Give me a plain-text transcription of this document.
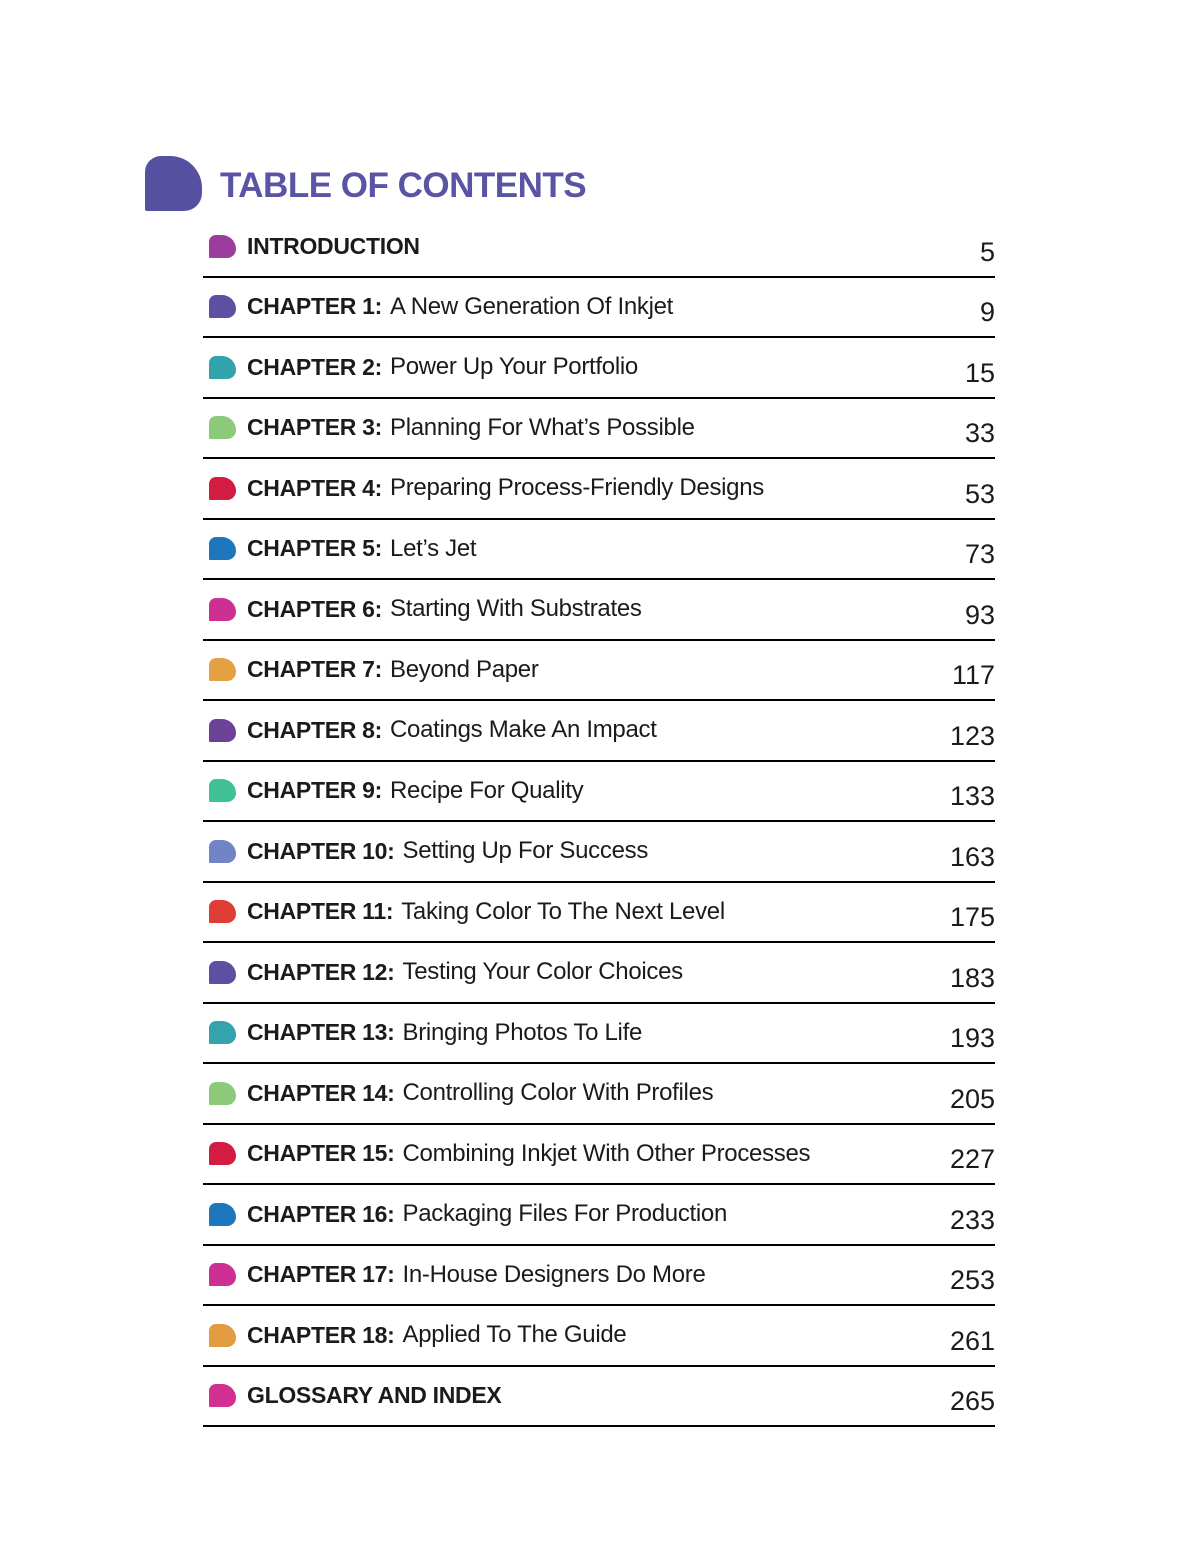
TABLE OF CONTENTS
INTRODUCTION	5
CHAPTER 1: A New Generation Of Inkjet	9
CHAPTER 2: Power Up Your Portfolio	15
CHAPTER 3: Planning For What’s Possible	33
CHAPTER 4: Preparing Process-Friendly Designs	53
CHAPTER 5: Let’s Jet	73
CHAPTER 6: Starting With Substrates	93
CHAPTER 7: Beyond Paper	117
CHAPTER 8: Coatings Make An Impact	123
CHAPTER 9: Recipe For Quality	133
CHAPTER 10: Setting Up For Success	163
CHAPTER 11: Taking Color To The Next Level	175
CHAPTER 12: Testing Your Color Choices	183
CHAPTER 13: Bringing Photos To Life	193
CHAPTER 14: Controlling Color With Profiles	205
CHAPTER 15: Combining Inkjet With Other Processes	227
CHAPTER 16: Packaging Files For Production	233
CHAPTER 17: In-House Designers Do More	253
CHAPTER 18: Applied To The Guide	261
GLOSSARY AND INDEX	265
